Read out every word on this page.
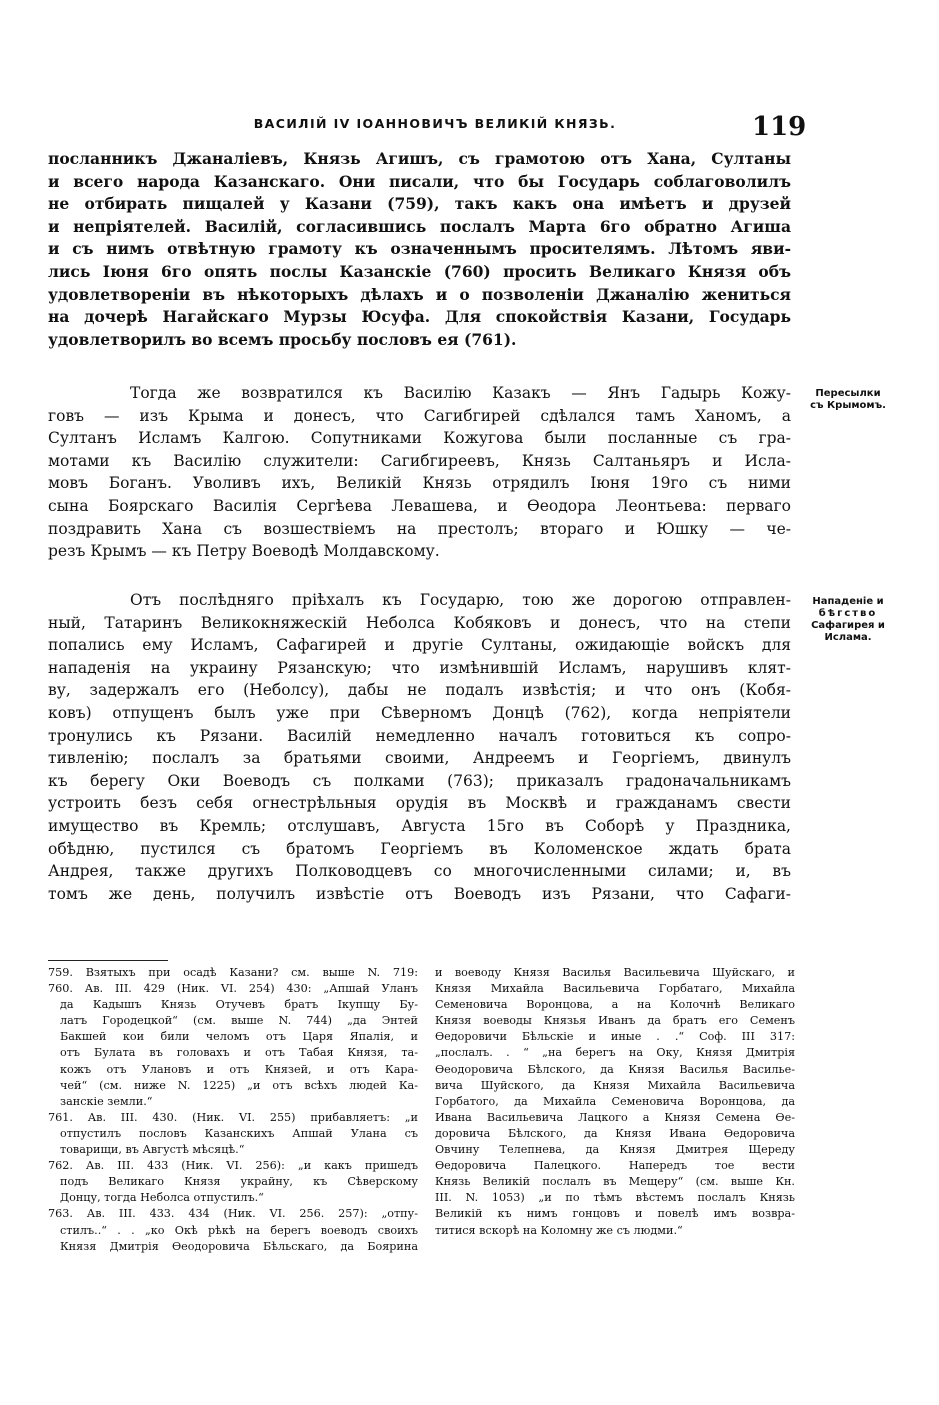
ВАСИЛІЙ IV ІОАННОВИЧЪ ВЕЛИКІЙ КНЯЗЬ.	119
посланникъ Джаналіевъ, Князь Агишъ, съ грамотою отъ Хана, Султаны
и всего народа Казанскаго. Они писали, что бы Государь соблаговолилъ
не отбирать пищалей у Казани (759), такъ какъ она имѣетъ и друзей
и непріятелей. Василій, согласившись послалъ Марта 6го обратно Агиша
и съ нимъ отвѣтную грамоту къ означеннымъ просителямъ. Лѣтомъ яви-
лись Іюня 6го опять послы Казанскіе (760) просить Великаго Князя объ
удовлетвореніи въ нѣкоторыхъ дѣлахъ и о позволеніи Джаналію жениться
на дочерѣ Нагайскаго Мурзы Юсуфа. Для спокойствія Казани, Государь
удовлетворилъ во всемъ просьбу пословъ ея (761).
Тогда же возвратился къ Василію Казакъ — Янъ Гадырь Кожу-
говъ — изъ Крыма и донесъ, что Сагибгирей сдѣлался тамъ Ханомъ, а
Султанъ Исламъ Калгою. Сопутниками Кожугова были посланные съ гра-
мотами къ Василію служители: Сагибгиреевъ, Князь Салтаньяръ и Исла-
мовъ Боганъ. Уволивъ ихъ, Великій Князь отрядилъ Іюня 19го съ ними
сына Боярскаго Василія Сергѣева Левашева, и Ѳеодора Леонтьева: перваго
поздравить Хана съ возшествіемъ на престолъ; втораго и Юшку — че-
резъ Крымъ — къ Петру Воеводѣ Молдавскому.
Отъ послѣдняго пріѣхалъ къ Государю, тою же дорогою отправлен-
ный, Татаринъ Великокняжескій Неболса Кобяковъ и донесъ, что на степи
попались ему Исламъ, Сафагирей и другіе Султаны, ожидающіе войскъ для
нападенія на украину Рязанскую; что измѣнившій Исламъ, нарушивъ клят-
ву, задержалъ его (Неболсу), дабы не подалъ извѣстія; и что онъ (Кобя-
ковъ) отпущенъ былъ уже при Сѣверномъ Донцѣ (762), когда непріятели
тронулись къ Рязани. Василій немедленно началъ готовиться къ сопро-
тивленію; послалъ за братьями своими, Андреемъ и Георгіемъ, двинулъ
къ берегу Оки Воеводъ съ полками (763); приказалъ градоначальникамъ
устроить безъ себя огнестрѣльныя орудія въ Москвѣ и гражданамъ свести
имущество въ Кремль; отслушавъ, Августа 15го въ Соборѣ у Праздника,
обѣдню, пустился съ братомъ Георгіемъ въ Коломенское ждать брата
Андрея, также другихъ Полководцевъ со многочисленными силами; и, въ
томъ же день, получилъ извѣстіе отъ Воеводъ изъ Рязани, что Сафаги-
Пересылки
съ Крымомъ.
Нападеніе и
бѣгство
Сафагирея и
Ислама.
759. Взятыхъ при осадѣ Казани? см. выше N. 719:
760. Ав. III. 429 (Ник. VI. 254) 430: „Апшай Уланъ
да Кадышъ Князь Отучевъ братъ Ікупщу Бу-
латъ Городецкой“ (см. выше N. 744) „да Энтей
Бакшей кои били челомъ отъ Царя Япалія, и
отъ Булата въ головахъ и отъ Табая Князя, та-
кожъ отъ Улановъ и отъ Князей, и отъ Кара-
чей“ (см. ниже N. 1225) „и отъ всѣхъ людей Ка-
занскіе земли.“
761. Ав. III. 430. (Ник. VI. 255) прибавляетъ: „и
отпустилъ пословъ Казанскихъ Апшай Улана съ
товарищи, въ Августѣ мѣсяцѣ.“
762. Ав. III. 433 (Ник. VI. 256): „и какъ пришедъ
подъ Великаго Князя украйну, къ Сѣверскому
Донцу, тогда Неболса отпустилъ.“
763. Ав. III. 433. 434 (Ник. VI. 256. 257): „отпу-
стилъ..“ . . „ко Окѣ рѣкѣ на берегъ воеводъ своихъ
Князя Дмитрія Ѳеодоровича Бѣльскаго, да Боярина
и воеводу Князя Василья Васильевича Шуйскаго, и
Князя Михайла Васильевича Горбатаго, Михайла
Семеновича Воронцова, а на Колочнѣ Великаго
Князя воеводы Князья Иванъ да братъ его Семенъ
Ѳедоровичи Бѣльскіе и иные . .“ Соф. III 317:
„послалъ. . “ „на берегъ на Оку, Князя Дмитрія
Ѳеодоровича Бѣлского, да Князя Василья Василье-
вича Шуйского, да Князя Михайла Васильевича
Горбатого, да Михайла Семеновича Воронцова, да
Ивана Васильевича Лацкого а Князя Семена Ѳе-
доровича Бѣлского, да Князя Ивана Ѳедоровича
Овчину Телепнева, да Князя Дмитрея Щереду
Ѳедоровича Палецкого. Напередъ тое вести
Князь Великій послалъ въ Мещеру“ (см. выше Кн.
III. N. 1053) „и по тѣмъ вѣстемъ послалъ Князь
Великій къ нимъ гонцовъ и повелѣ имъ возвра-
титися вскорѣ на Коломну же съ людми.“
